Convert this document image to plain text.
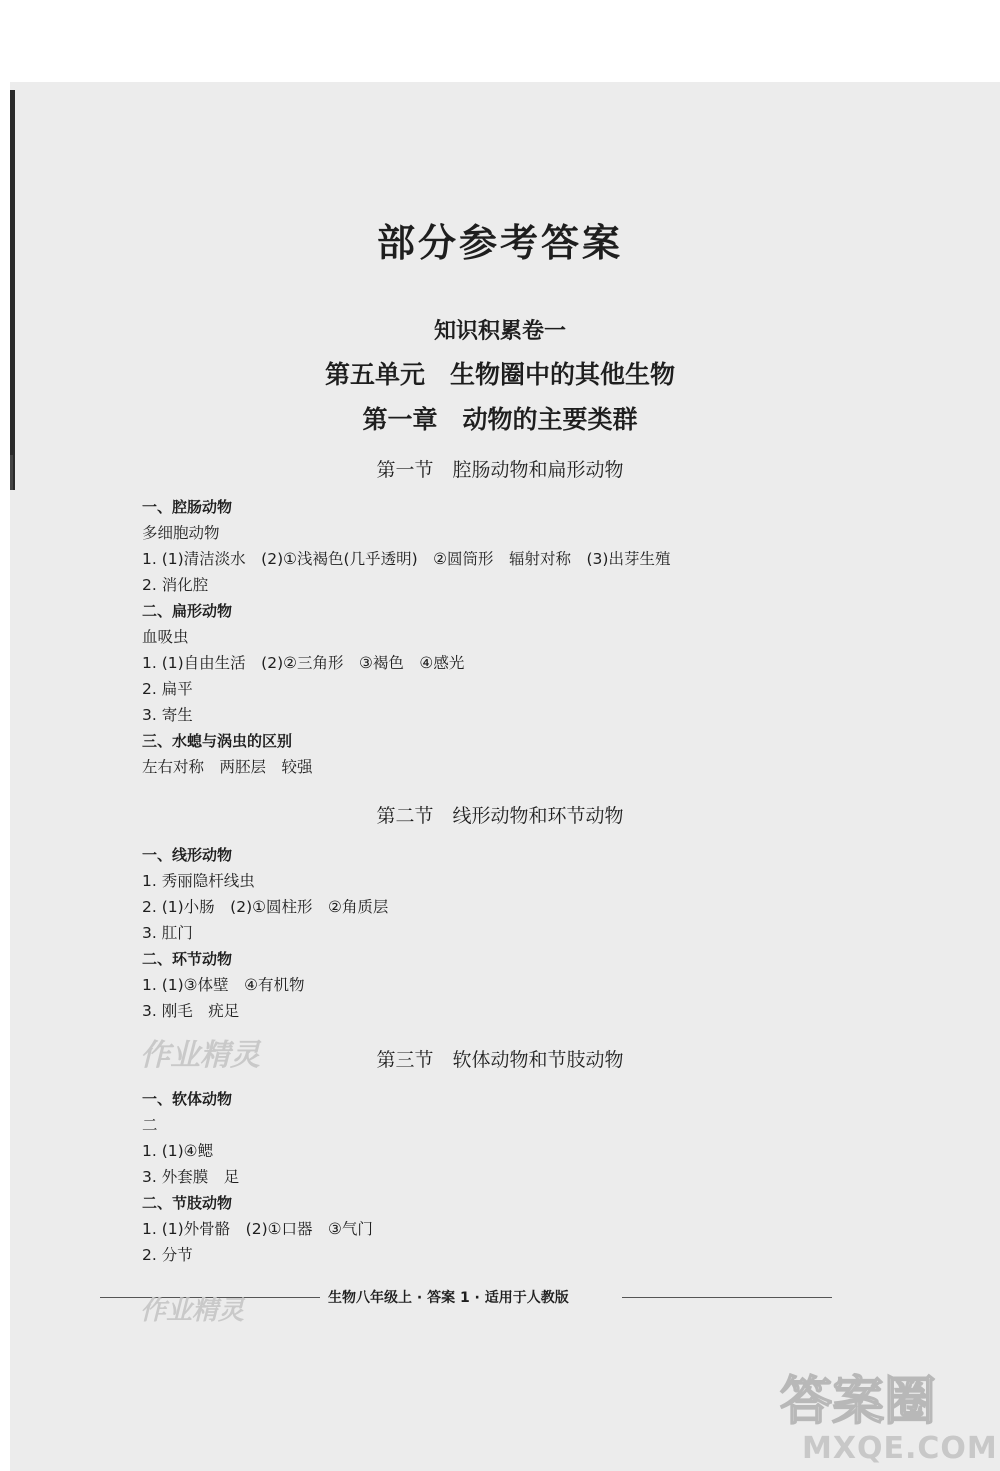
部分参考答案
知识积累卷一
第五单元　生物圈中的其他生物
第一章　动物的主要类群
第一节　腔肠动物和扁形动物
一、腔肠动物
多细胞动物
1. (1)清洁淡水　(2)①浅褐色(几乎透明)　②圆筒形　辐射对称　(3)出芽生殖
2. 消化腔
二、扁形动物
血吸虫
1. (1)自由生活　(2)②三角形　③褐色　④感光
2. 扁平
3. 寄生
三、水螅与涡虫的区别
左右对称　两胚层　较强
第二节　线形动物和环节动物
一、线形动物
1. 秀丽隐杆线虫
2. (1)小肠　(2)①圆柱形　②角质层
3. 肛门
二、环节动物
1. (1)③体壁　④有机物
3. 刚毛　疣足
作业精灵	第三节　软体动物和节肢动物
一、软体动物
二
1. (1)④鳃
3. 外套膜　足
二、节肢动物
1. (1)外骨骼　(2)①口器　③气门
2. 分节
生物八年级上 · 答案 1 · 适用于人教版
作业精灵
答案圈
MXQE.COM
